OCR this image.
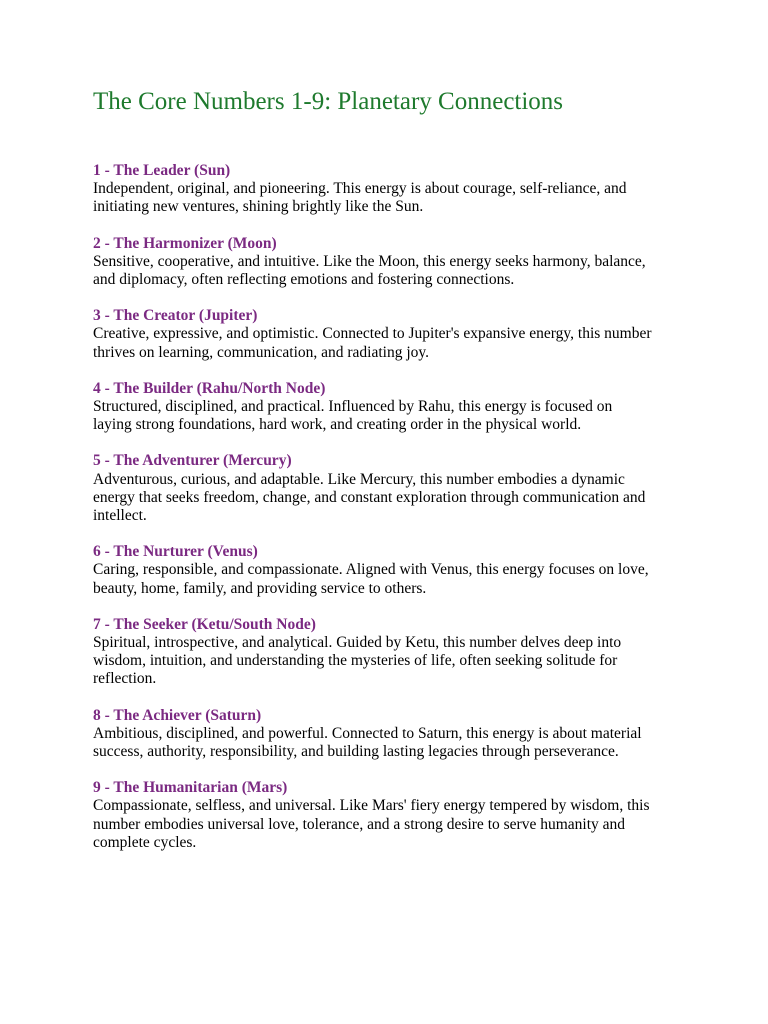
The Core Numbers 1-9: Planetary Connections
1 - The Leader (Sun)
Independent, original, and pioneering. This energy is about courage, self-reliance, and initiating new ventures, shining brightly like the Sun.
2 - The Harmonizer (Moon)
Sensitive, cooperative, and intuitive. Like the Moon, this energy seeks harmony, balance, and diplomacy, often reflecting emotions and fostering connections.
3 - The Creator (Jupiter)
Creative, expressive, and optimistic. Connected to Jupiter's expansive energy, this number thrives on learning, communication, and radiating joy.
4 - The Builder (Rahu/North Node)
Structured, disciplined, and practical. Influenced by Rahu, this energy is focused on laying strong foundations, hard work, and creating order in the physical world.
5 - The Adventurer (Mercury)
Adventurous, curious, and adaptable. Like Mercury, this number embodies a dynamic energy that seeks freedom, change, and constant exploration through communication and intellect.
6 - The Nurturer (Venus)
Caring, responsible, and compassionate. Aligned with Venus, this energy focuses on love, beauty, home, family, and providing service to others.
7 - The Seeker (Ketu/South Node)
Spiritual, introspective, and analytical. Guided by Ketu, this number delves deep into wisdom, intuition, and understanding the mysteries of life, often seeking solitude for reflection.
8 - The Achiever (Saturn)
Ambitious, disciplined, and powerful. Connected to Saturn, this energy is about material success, authority, responsibility, and building lasting legacies through perseverance.
9 - The Humanitarian (Mars)
Compassionate, selfless, and universal. Like Mars' fiery energy tempered by wisdom, this number embodies universal love, tolerance, and a strong desire to serve humanity and complete cycles.
